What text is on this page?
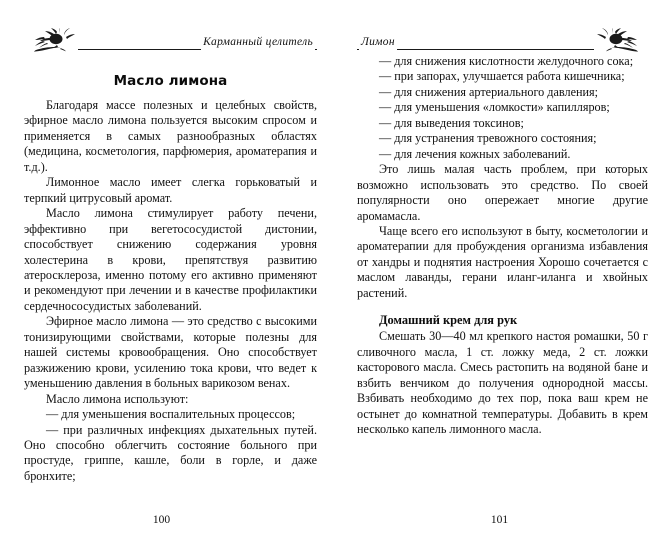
Карманный целитель
Масло лимона

Благодаря массе полезных и целебных свойств, эфирное масло лимона пользуется высоким спросом и применяется в самых разнообразных областях (медицина, косметология, парфюмерия, ароматерапия и т.д.).

Лимонное масло имеет слегка горьковатый и терпкий цитрусовый аромат.

Масло лимона стимулирует работу печени, эффективно при вегетососудистой дистонии, способствует снижению содержания уровня холестерина в крови, препятствуя развитию атеросклероза, именно потому его активно применяют и рекомендуют при лечении и в качестве профилактики сердечнососудистых заболеваний.

Эфирное масло лимона — это средство с высокими тонизирующими свойствами, которые полезны для нашей системы кровообращения. Оно способствует разжижению крови, усилению тока крови, что ведет к уменьшению давления в больных варикозом венах.

Масло лимона используют:

— для уменьшения воспалительных процессов;

— при различных инфекциях дыхательных путей. Оно способно облегчить состояние больного при простуде, гриппе, кашле, боли в горле, и даже бронхите;

100
Лимон

— для снижения кислотности желудочного сока;

— при запорах, улучшается работа кишечника;

— для снижения артериального давления;

— для уменьшения «ломкости» капилляров;

— для выведения токсинов;

— для устранения тревожного состояния;

— для лечения кожных заболеваний.

Это лишь малая часть проблем, при которых возможно использовать это средство. По своей популярности оно опережает многие другие аромамасла.

Чаще всего его используют в быту, косметологии и ароматерапии для пробуждения организма избавления от хандры и поднятия настроения Хорошо сочетается с маслом лаванды, герани иланг-иланга и хвойных растений.

Домашний крем для рук

Смешать 30—40 мл крепкого настоя ромашки, 50 г сливочного масла, 1 ст. ложку меда, 2 ст. ложки касторового масла. Смесь растопить на водяной бане и взбить венчиком до получения однородной массы. Взбивать необходимо до тех пор, пока ваш крем не остынет до комнатной температуры. Добавить в крем несколько капель лимонного масла.

101
